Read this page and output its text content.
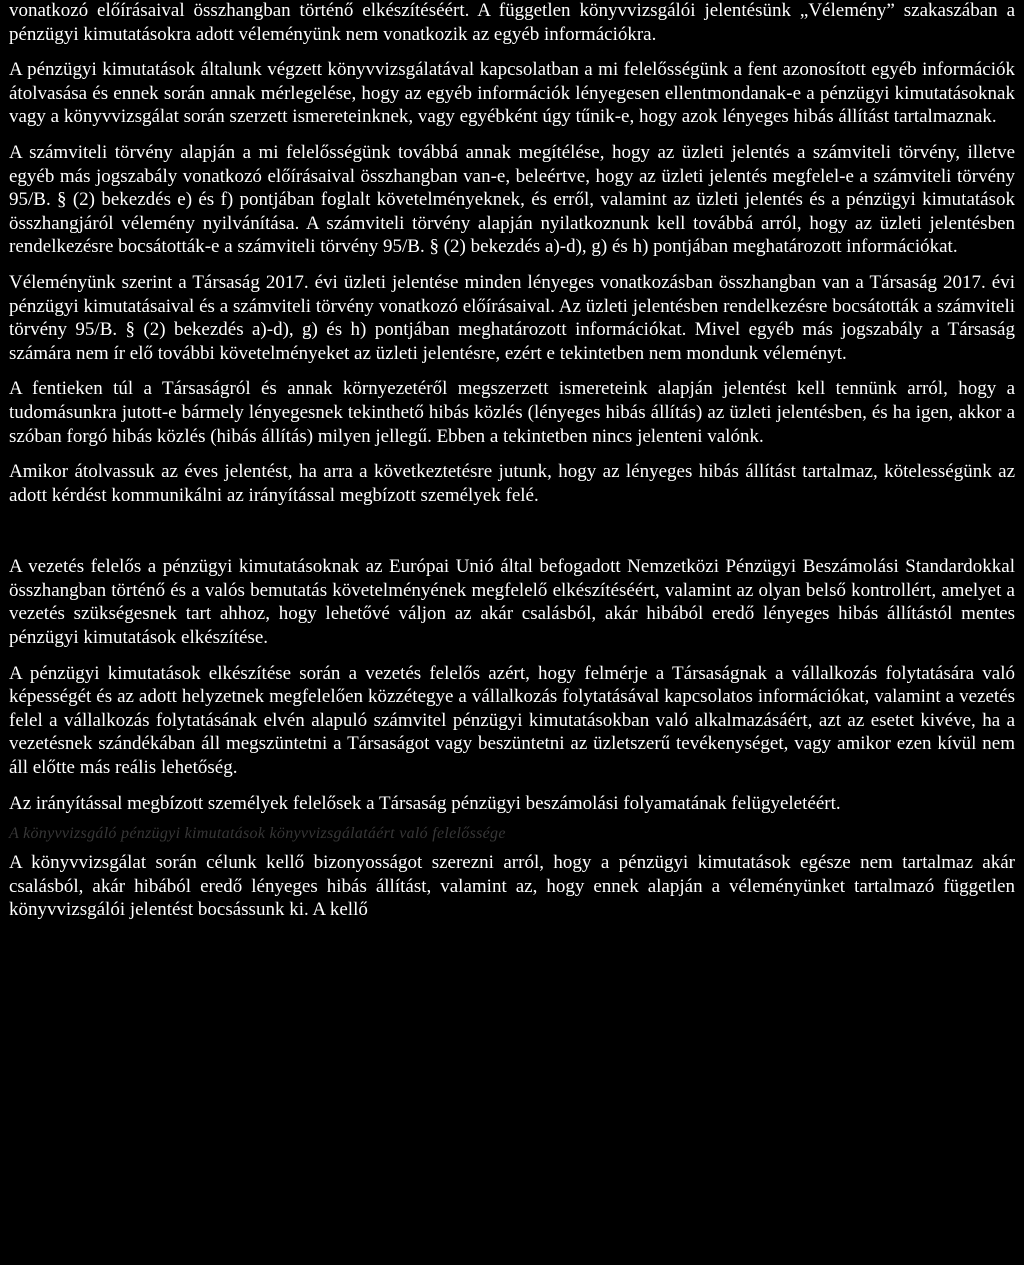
vonatkozó előírásaival összhangban történő elkészítéséért. A független könyvvizsgálói jelentésünk „Vélemény” szakaszában a pénzügyi kimutatásokra adott véleményünk nem vonatkozik az egyéb információkra.

A pénzügyi kimutatások általunk végzett könyvvizsgálatával kapcsolatban a mi felelősségünk a fent azonosított egyéb információk átolvasása és ennek során annak mérlegelése, hogy az egyéb információk lényegesen ellentmondanak-e a pénzügyi kimutatásoknak vagy a könyvvizsgálat során szerzett ismereteinknek, vagy egyébként úgy tűnik-e, hogy azok lényeges hibás állítást tartalmaznak.

A számviteli törvény alapján a mi felelősségünk továbbá annak megítélése, hogy az üzleti jelentés a számviteli törvény, illetve egyéb más jogszabály vonatkozó előírásaival összhangban van-e, beleértve, hogy az üzleti jelentés megfelel-e a számviteli törvény 95/B. § (2) bekezdés e) és f) pontjában foglalt követelményeknek, és erről, valamint az üzleti jelentés és a pénzügyi kimutatások összhangjáról vélemény nyilvánítása. A számviteli törvény alapján nyilatkoznunk kell továbbá arról, hogy az üzleti jelentésben rendelkezésre bocsátották-e a számviteli törvény 95/B. § (2) bekezdés a)-d), g) és h) pontjában meghatározott információkat.

Véleményünk szerint a Társaság 2017. évi üzleti jelentése minden lényeges vonatkozásban összhangban van a Társaság 2017. évi pénzügyi kimutatásaival és a számviteli törvény vonatkozó előírásaival. Az üzleti jelentésben rendelkezésre bocsátották a számviteli törvény 95/B. § (2) bekezdés a)-d), g) és h) pontjában meghatározott információkat. Mivel egyéb más jogszabály a Társaság számára nem ír elő további követelményeket az üzleti jelentésre, ezért e tekintetben nem mondunk véleményt.

A fentieken túl a Társaságról és annak környezetéről megszerzett ismereteink alapján jelentést kell tennünk arról, hogy a tudomásunkra jutott-e bármely lényegesnek tekinthető hibás közlés (lényeges hibás állítás) az üzleti jelentésben, és ha igen, akkor a szóban forgó hibás közlés (hibás állítás) milyen jellegű. Ebben a tekintetben nincs jelenteni valónk.

Amikor átolvassuk az éves jelentést, ha arra a következtetésre jutunk, hogy az lényeges hibás állítást tartalmaz, kötelességünk az adott kérdést kommunikálni az irányítással megbízott személyek felé.

A vezetés felelős a pénzügyi kimutatásoknak az Európai Unió által befogadott Nemzetközi Pénzügyi Beszámolási Standardokkal összhangban történő és a valós bemutatás követelményének megfelelő elkészítéséért, valamint az olyan belső kontrollért, amelyet a vezetés szükségesnek tart ahhoz, hogy lehetővé váljon az akár csalásból, akár hibából eredő lényeges hibás állítástól mentes pénzügyi kimutatások elkészítése.

A pénzügyi kimutatások elkészítése során a vezetés felelős azért, hogy felmérje a Társaságnak a vállalkozás folytatására való képességét és az adott helyzetnek megfelelően közzétegye a vállalkozás folytatásával kapcsolatos információkat, valamint a vezetés felel a vállalkozás folytatásának elvén alapuló számvitel pénzügyi kimutatásokban való alkalmazásáért, azt az esetet kivéve, ha a vezetésnek szándékában áll megszüntetni a Társaságot vagy beszüntetni az üzletszerű tevékenységet, vagy amikor ezen kívül nem áll előtte más reális lehetőség.

Az irányítással megbízott személyek felelősek a Társaság pénzügyi beszámolási folyamatának felügyeletéért.

A könyvvizsgáló pénzügyi kimutatások könyvvizsgálatáért való felelőssége

A könyvvizsgálat során célunk kellő bizonyosságot szerezni arról, hogy a pénzügyi kimutatások egésze nem tartalmaz akár csalásból, akár hibából eredő lényeges hibás állítást, valamint az, hogy ennek alapján a véleményünket tartalmazó független könyvvizsgálói jelentést bocsássunk ki. A kellő
